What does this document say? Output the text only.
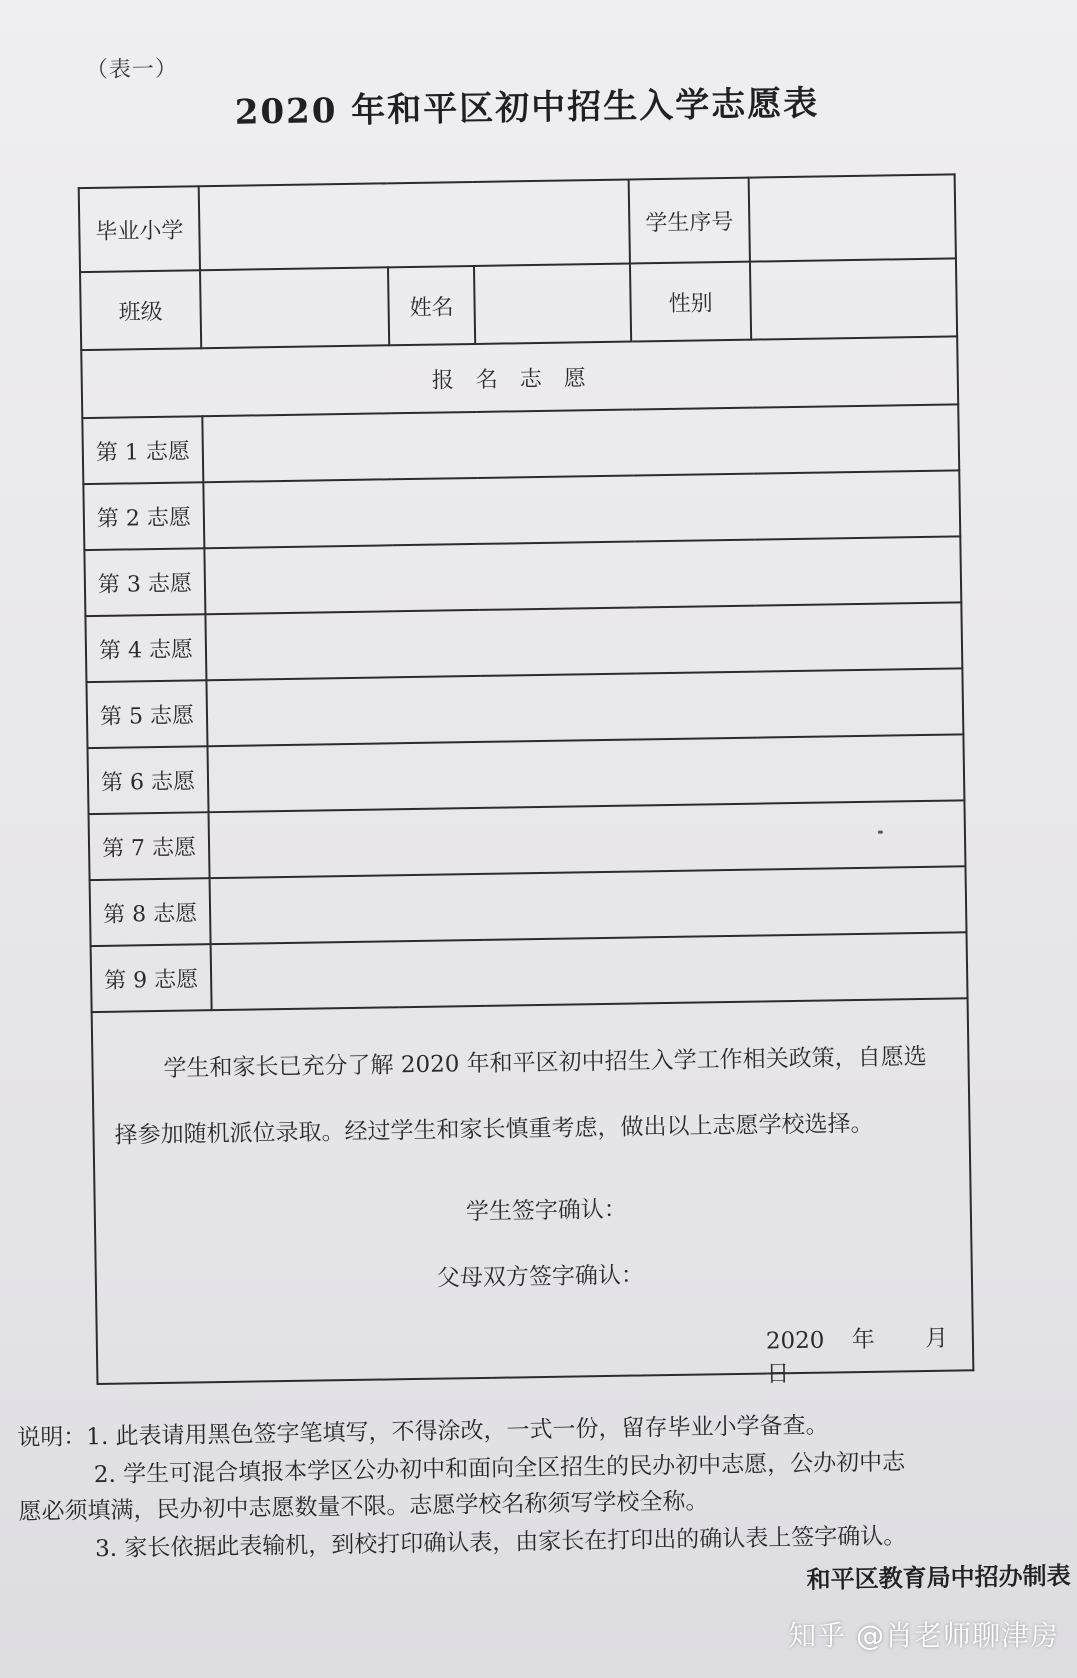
（表一）
2020 年和平区初中招生入学志愿表
毕业小学				学生序号	
班级		姓名		性别	
报名志愿					
第 1 志愿					
第 2 志愿					
第 3 志愿					
第 4 志愿					
第 5 志愿					
第 6 志愿					
第 7 志愿					
第 8 志愿					
第 9 志愿					

学生和家长已充分了解 2020 年和平区初中招生入学工作相关政策，自愿选
择参加随机派位录取。经过学生和家长慎重考虑，做出以上志愿学校选择。
学生签字确认：
父母双方签字确认：
2020 年　 月　 日					
说明：1. 此表请用黑色签字笔填写，不得涂改，一式一份，留存毕业小学备查。
2. 学生可混合填报本学区公办初中和面向全区招生的民办初中志愿，公办初中志
愿必须填满，民办初中志愿数量不限。志愿学校名称须写学校全称。
3. 家长依据此表输机，到校打印确认表，由家长在打印出的确认表上签字确认。
和平区教育局中招办制表
知乎 @肖老师聊津房
